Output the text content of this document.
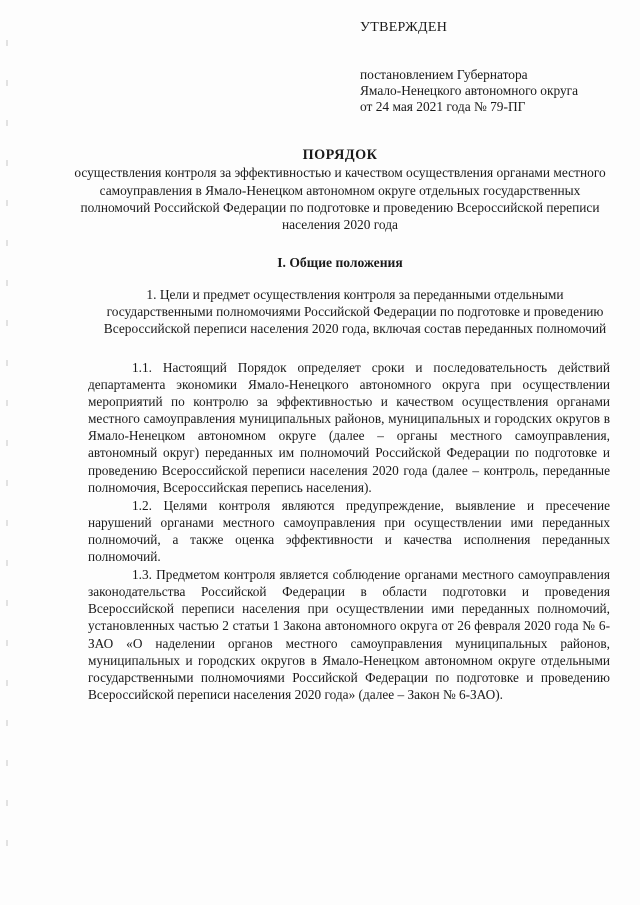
УТВЕРЖДЕН
постановлением Губернатора
Ямало-Ненецкого автономного округа
от 24 мая 2021 года № 79-ПГ
ПОРЯДОК
осуществления контроля за эффективностью и качеством осуществления органами местного самоуправления в Ямало-Ненецком автономном округе отдельных государственных полномочий Российской Федерации по подготовке и проведению Всероссийской переписи населения 2020 года
I. Общие положения
1. Цели и предмет осуществления контроля за переданными отдельными государственными полномочиями Российской Федерации по подготовке и проведению Всероссийской переписи населения 2020 года, включая состав переданных полномочий

1.1. Настоящий Порядок определяет сроки и последовательность действий департамента экономики Ямало-Ненецкого автономного округа при осуществлении мероприятий по контролю за эффективностью и качеством осуществления органами местного самоуправления муниципальных районов, муниципальных и городских округов в Ямало-Ненецком автономном округе (далее – органы местного самоуправления, автономный округ) переданных им полномочий Российской Федерации по подготовке и проведению Всероссийской переписи населения 2020 года (далее – контроль, переданные полномочия, Всероссийская перепись населения).

1.2. Целями контроля являются предупреждение, выявление и пресечение нарушений органами местного самоуправления при осуществлении ими переданных полномочий, а также оценка эффективности и качества исполнения переданных полномочий.

1.3. Предметом контроля является соблюдение органами местного самоуправления законодательства Российской Федерации в области подготовки и проведения Всероссийской переписи населения при осуществлении ими переданных полномочий, установленных частью 2 статьи 1 Закона автономного округа от 26 февраля 2020 года № 6-ЗАО «О наделении органов местного самоуправления муниципальных районов, муниципальных и городских округов в Ямало-Ненецком автономном округе отдельными государственными полномочиями Российской Федерации по подготовке и проведению Всероссийской переписи населения 2020 года» (далее – Закон № 6-ЗАО).
